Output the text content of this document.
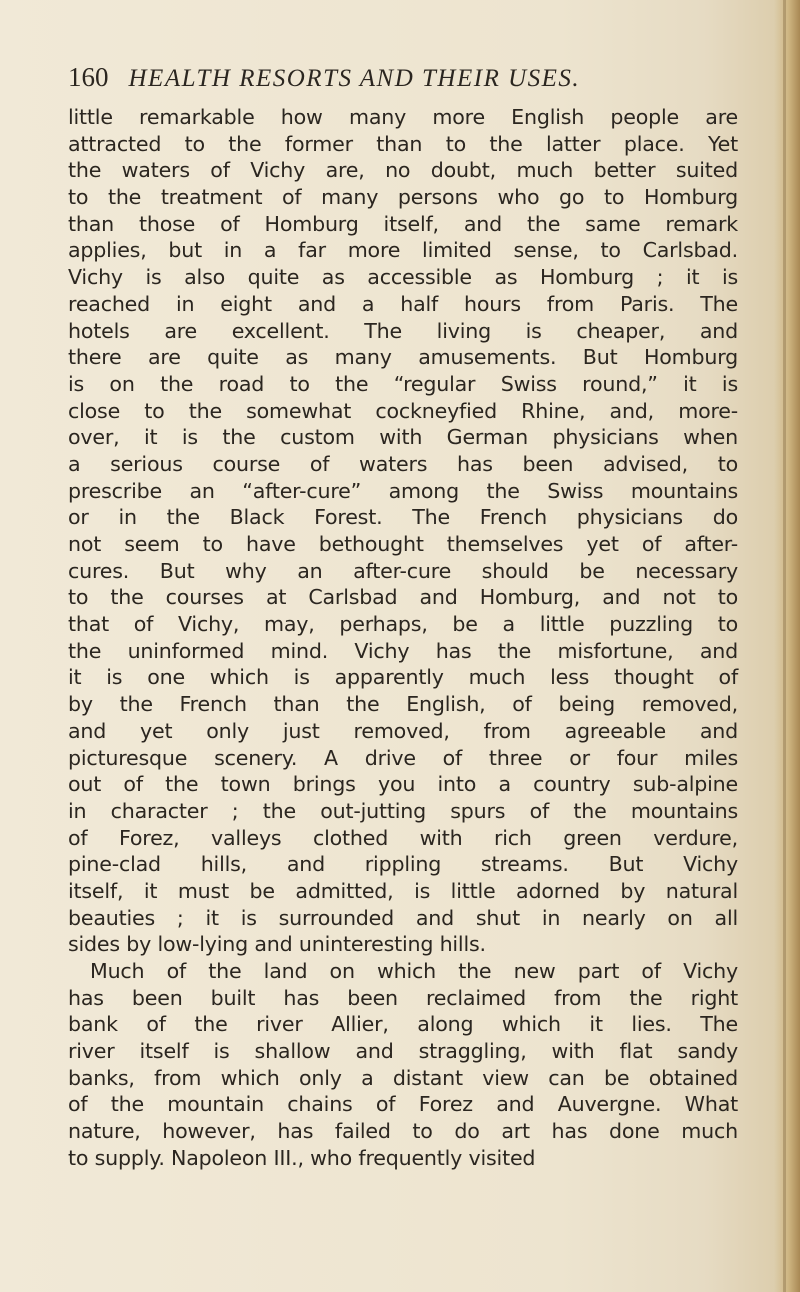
160 HEALTH RESORTS AND THEIR USES.
little remarkable how many more English people are
attracted to the former than to the latter place. Yet
the waters of Vichy are, no doubt, much better suited
to the treatment of many persons who go to Homburg
than those of Homburg itself, and the same remark
applies, but in a far more limited sense, to Carlsbad.
Vichy is also quite as accessible as Homburg ; it is
reached in eight and a half hours from Paris. The
hotels are excellent. The living is cheaper, and
there are quite as many amusements. But Homburg
is on the road to the “regular Swiss round,” it is
close to the somewhat cockneyfied Rhine, and, more-
over, it is the custom with German physicians when
a serious course of waters has been advised, to
prescribe an “after-cure” among the Swiss mountains
or in the Black Forest. The French physicians do
not seem to have bethought themselves yet of after-
cures. But why an after-cure should be necessary
to the courses at Carlsbad and Homburg, and not to
that of Vichy, may, perhaps, be a little puzzling to
the uninformed mind. Vichy has the misfortune, and
it is one which is apparently much less thought of
by the French than the English, of being removed,
and yet only just removed, from agreeable and
picturesque scenery. A drive of three or four miles
out of the town brings you into a country sub-alpine
in character ; the out-jutting spurs of the mountains
of Forez, valleys clothed with rich green verdure,
pine-clad hills, and rippling streams. But Vichy
itself, it must be admitted, is little adorned by natural
beauties ; it is surrounded and shut in nearly on all
sides by low-lying and uninteresting hills.
Much of the land on which the new part of Vichy
has been built has been reclaimed from the right
bank of the river Allier, along which it lies. The
river itself is shallow and straggling, with flat sandy
banks, from which only a distant view can be obtained
of the mountain chains of Forez and Auvergne. What
nature, however, has failed to do art has done much
to supply. Napoleon III., who frequently visited
